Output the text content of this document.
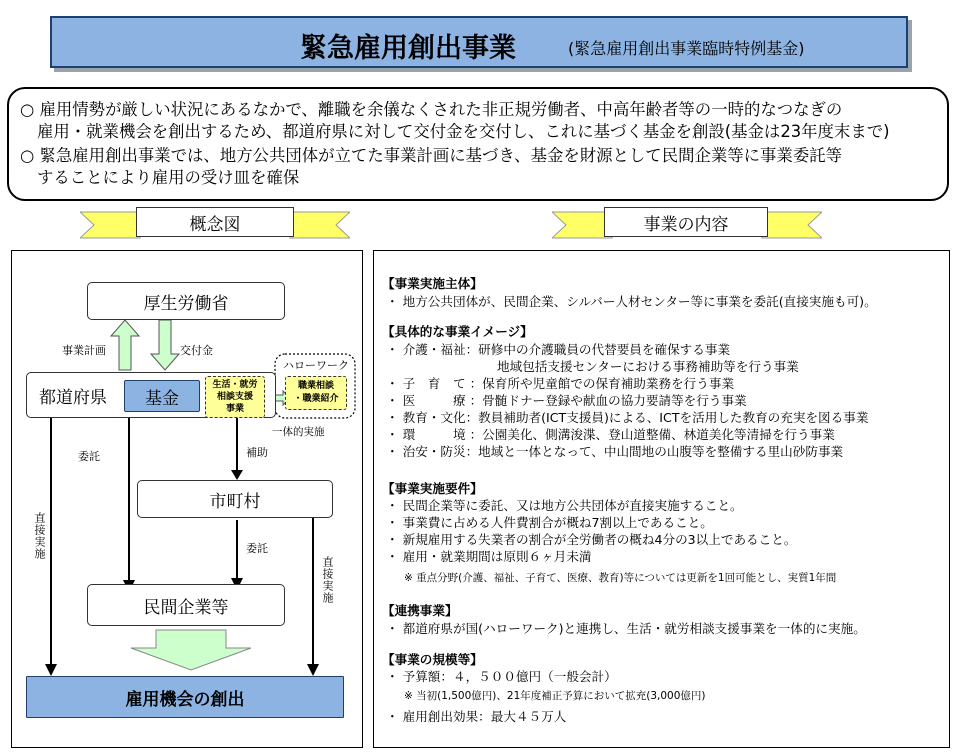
緊急雇用創出事業	(緊急雇用創出事業臨時特例基金)
○ 雇用情勢が厳しい状況にあるなかで、離職を余儀なくされた非正規労働者、中高年齢者等の一時的なつなぎの
雇用・就業機会を創出するため、都道府県に対して交付金を交付し、これに基づく基金を創設(基金は23年度末まで)
○ 緊急雇用創出事業では、地方公共団体が立てた事業計画に基づき、基金を財源として民間企業等に事業委託等
することにより雇用の受け皿を確保
概念図	事業の内容
厚生労働省
事業計画	交付金
都道府県 基金
生活・就労
相談支援
事業
ハローワーク
職業相談
・職業紹介
一体的実施
委託	補助
直接実施
市町村
委託
直接実施
民間企業等
雇用機会の創出
【事業実施主体】
・ 地方公共団体が、民間企業、シルバー人材センター等に事業を委託(直接実施も可)。
【具体的な事業イメージ】
・ 介護・福祉：研修中の介護職員の代替要員を確保する事業
地域包括支援センターにおける事務補助等を行う事業
・ 子　育　て ：保育所や児童館での保育補助業務を行う事業
・ 医　　　療 ：骨髄ドナー登録や献血の協力要請等を行う事業
・ 教育・文化：教員補助者(ICT支援員)による、ICTを活用した教育の充実を図る事業
・ 環　　　境 ：公園美化、側溝浚渫、登山道整備、林道美化等清掃を行う事業
・ 治安・防災：地域と一体となって、中山間地の山腹等を整備する里山砂防事業
【事業実施要件】
・ 民間企業等に委託、又は地方公共団体が直接実施すること。
・ 事業費に占める人件費割合が概ね7割以上であること。
・ 新規雇用する失業者の割合が全労働者の概ね4分の3以上であること。
・ 雇用・就業期間は原則６ヶ月未満
※ 重点分野(介護、福祉、子育て、医療、教育)等については更新を1回可能とし、実質1年間
【連携事業】
・ 都道府県が国(ハローワーク)と連携し、生活・就労相談支援事業を一体的に実施。
【事業の規模等】
・ 予算額：４，５００億円（一般会計）
※ 当初(1,500億円)、21年度補正予算において拡充(3,000億円)
・ 雇用創出効果：最大４５万人
